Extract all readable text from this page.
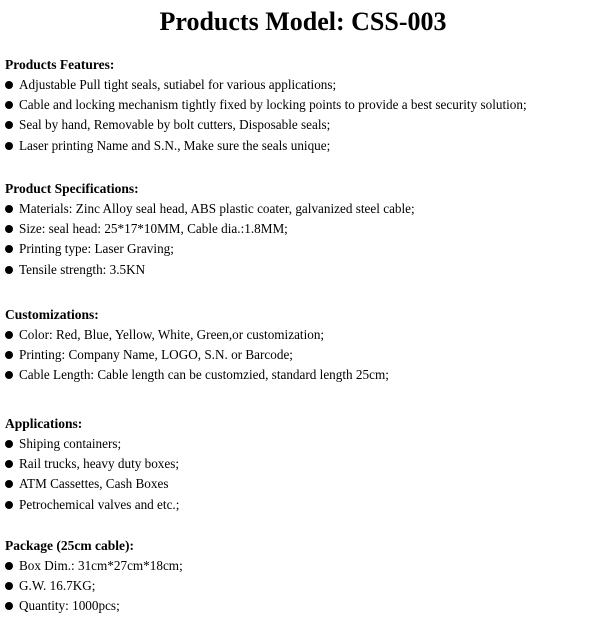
Products Model: CSS-003
Products Features:
Adjustable Pull tight seals, sutiabel for various applications;
Cable and locking mechanism tightly fixed by locking points to provide a best security solution;
Seal by hand, Removable by bolt cutters, Disposable seals;
Laser printing Name and S.N., Make sure the seals unique;
Product Specifications:
Materials: Zinc Alloy seal head, ABS plastic coater, galvanized steel cable;
Size: seal head: 25*17*10MM, Cable dia.:1.8MM;
Printing type: Laser Graving;
Tensile strength: 3.5KN
Customizations:
Color: Red, Blue, Yellow, White, Green,or customization;
Printing: Company Name, LOGO, S.N. or Barcode;
Cable Length: Cable length can be customzied, standard length 25cm;
Applications:
Shiping containers;
Rail trucks, heavy duty boxes;
ATM Cassettes, Cash Boxes
Petrochemical valves and etc.;
Package (25cm cable):
Box Dim.: 31cm*27cm*18cm;
G.W. 16.7KG;
Quantity: 1000pcs;
